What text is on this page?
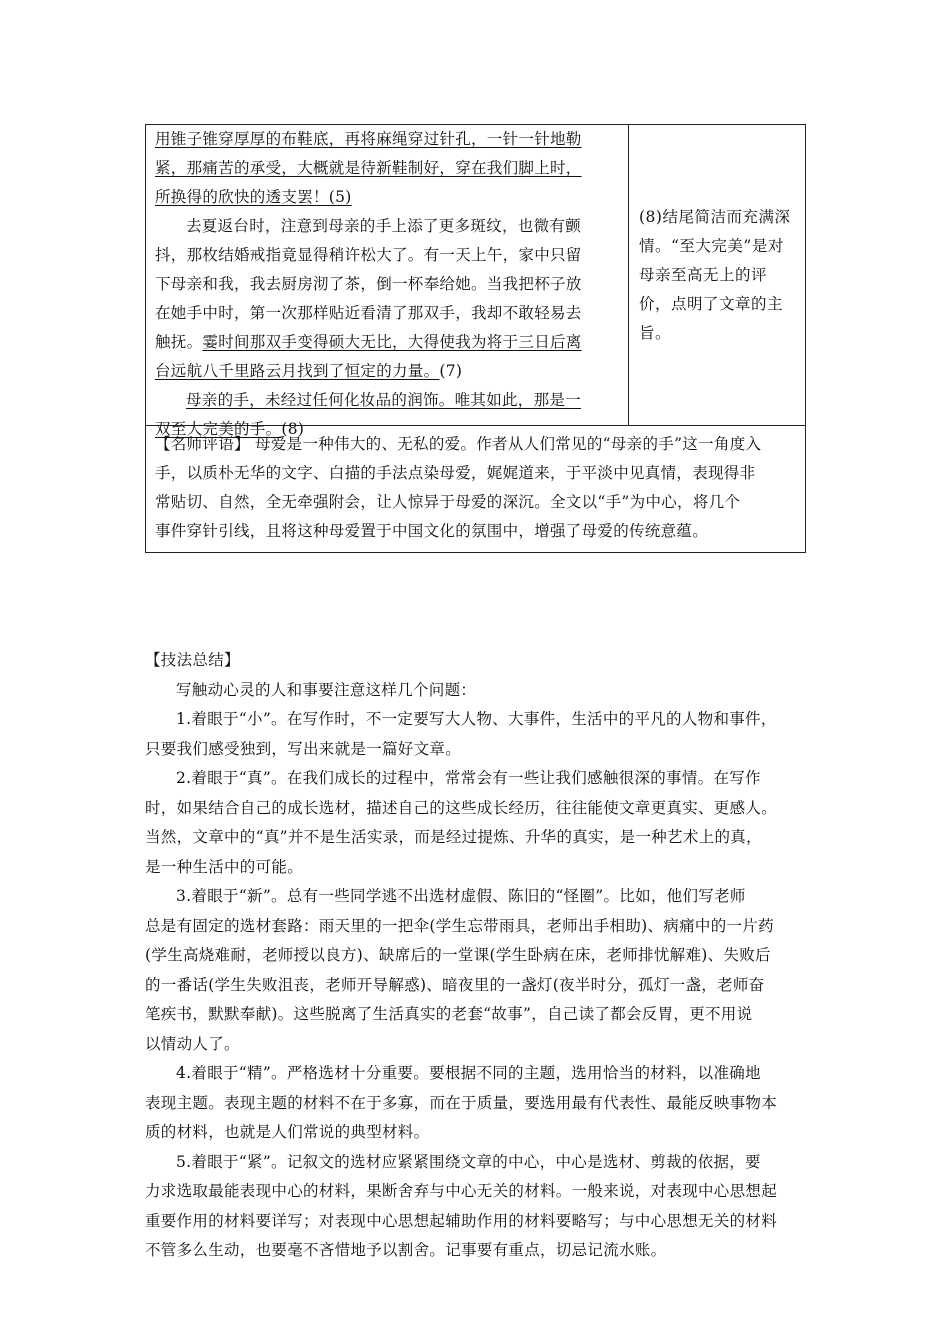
用锥子锥穿厚厚的布鞋底，再将麻绳穿过针孔，一针一针地勒
紧，那痛苦的承受，大概就是待新鞋制好，穿在我们脚上时，
所换得的欣快的透支罢！(5)
去夏返台时，注意到母亲的手上添了更多斑纹，也微有颤
抖，那枚结婚戒指竟显得稍许松大了。有一天上午，家中只留
下母亲和我，我去厨房沏了茶，倒一杯奉给她。当我把杯子放
在她手中时，第一次那样贴近看清了那双手，我却不敢轻易去
触抚。霎时间那双手变得硕大无比，大得使我为将于三日后离
台远航八千里路云月找到了恒定的力量。(7)
母亲的手，未经过任何化妆品的润饰。唯其如此，那是一
双至大完美的手。(8)
(8)结尾简洁而充满深情。“至大完美”是对母亲至高无上的评价，点明了文章的主旨。
【名师评语】 母爱是一种伟大的、无私的爱。作者从人们常见的“母亲的手”这一角度入
手，以质朴无华的文字、白描的手法点染母爱，娓娓道来，于平淡中见真情，表现得非
常贴切、自然，全无牵强附会，让人惊异于母爱的深沉。全文以“手”为中心，将几个
事件穿针引线，且将这种母爱置于中国文化的氛围中，增强了母爱的传统意蕴。
【技法总结】
写触动心灵的人和事要注意这样几个问题：
1.着眼于“小”。在写作时，不一定要写大人物、大事件，生活中的平凡的人物和事件，
只要我们感受独到，写出来就是一篇好文章。
2.着眼于“真”。在我们成长的过程中，常常会有一些让我们感触很深的事情。在写作
时，如果结合自己的成长选材，描述自己的这些成长经历，往往能使文章更真实、更感人。
当然，文章中的“真”并不是生活实录，而是经过提炼、升华的真实，是一种艺术上的真，
是一种生活中的可能。
3.着眼于“新”。总有一些同学逃不出选材虚假、陈旧的“怪圈”。比如，他们写老师
总是有固定的选材套路：雨天里的一把伞(学生忘带雨具，老师出手相助)、病痛中的一片药
(学生高烧难耐，老师授以良方)、缺席后的一堂课(学生卧病在床，老师排忧解难)、失败后
的一番话(学生失败沮丧，老师开导解惑)、暗夜里的一盏灯(夜半时分，孤灯一盏，老师奋
笔疾书，默默奉献)。这些脱离了生活真实的老套“故事”，自己读了都会反胃，更不用说
以情动人了。
4.着眼于“精”。严格选材十分重要。要根据不同的主题，选用恰当的材料，以准确地
表现主题。表现主题的材料不在于多寡，而在于质量，要选用最有代表性、最能反映事物本
质的材料，也就是人们常说的典型材料。
5.着眼于“紧”。记叙文的选材应紧紧围绕文章的中心，中心是选材、剪裁的依据，要
力求选取最能表现中心的材料，果断舍弃与中心无关的材料。一般来说，对表现中心思想起
重要作用的材料要详写；对表现中心思想起辅助作用的材料要略写；与中心思想无关的材料
不管多么生动，也要毫不吝惜地予以割舍。记事要有重点，切忌记流水账。
